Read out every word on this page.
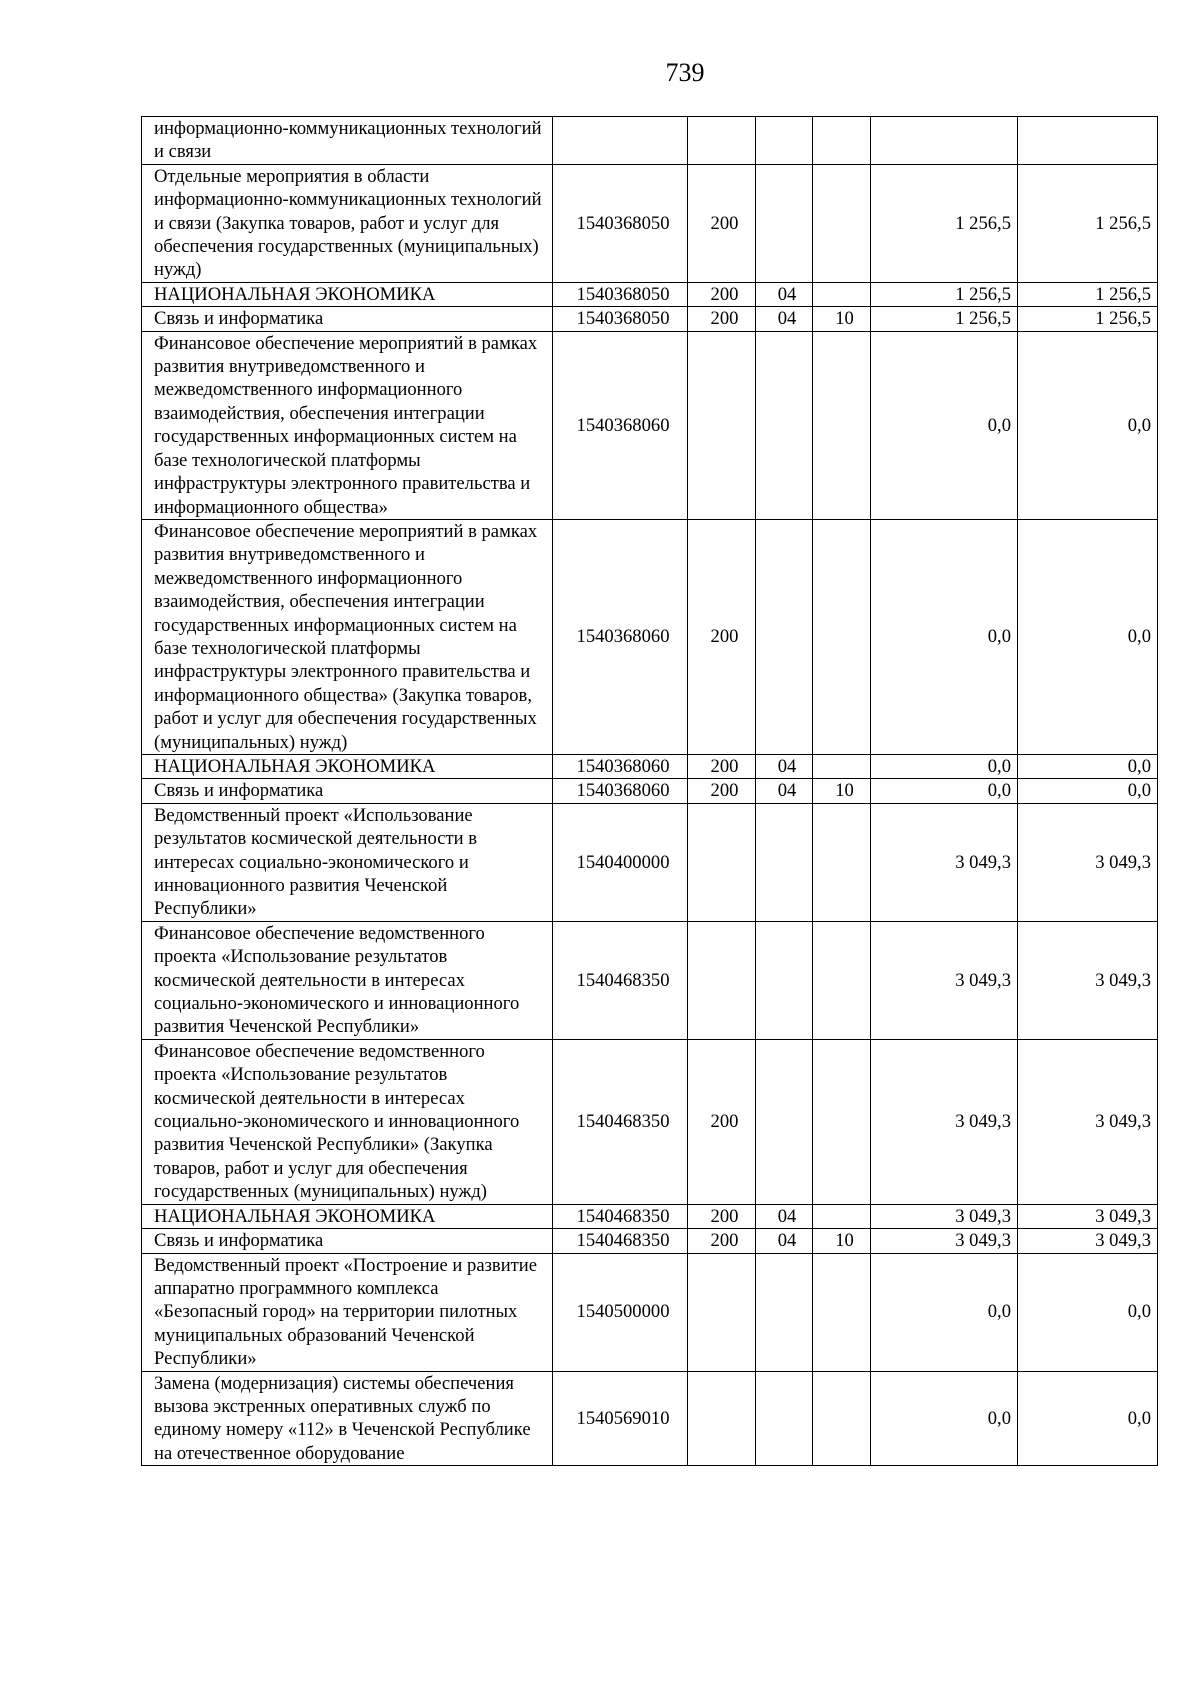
739
информационно-коммуникационных технологий и связи						
Отдельные мероприятия в области информационно-коммуникационных технологий и связи (Закупка товаров, работ и услуг для обеспечения государственных (муниципальных) нужд)	1540368050	200			1 256,5	1 256,5
НАЦИОНАЛЬНАЯ ЭКОНОМИКА	1540368050	200	04		1 256,5	1 256,5
Связь и информатика	1540368050	200	04	10	1 256,5	1 256,5
Финансовое обеспечение мероприятий в рамках развития внутриведомственного и межведомственного информационного взаимодействия, обеспечения интеграции государственных информационных систем на базе технологической платформы инфраструктуры электронного правительства и информационного общества»	1540368060				0,0	0,0
Финансовое обеспечение мероприятий в рамках развития внутриведомственного и межведомственного информационного взаимодействия, обеспечения интеграции государственных информационных систем на базе технологической платформы инфраструктуры электронного правительства и информационного общества» (Закупка товаров, работ и услуг для обеспечения государственных (муниципальных) нужд)	1540368060	200			0,0	0,0
НАЦИОНАЛЬНАЯ ЭКОНОМИКА	1540368060	200	04		0,0	0,0
Связь и информатика	1540368060	200	04	10	0,0	0,0
Ведомственный проект «Использование результатов космической деятельности в интересах социально-экономического и инновационного развития Чеченской Республики»	1540400000				3 049,3	3 049,3
Финансовое обеспечение ведомственного проекта «Использование результатов космической деятельности в интересах социально-экономического и инновационного развития Чеченской Республики»	1540468350				3 049,3	3 049,3
Финансовое обеспечение ведомственного проекта «Использование результатов космической деятельности в интересах социально-экономического и инновационного развития Чеченской Республики» (Закупка товаров, работ и услуг для обеспечения государственных (муниципальных) нужд)	1540468350	200			3 049,3	3 049,3
НАЦИОНАЛЬНАЯ ЭКОНОМИКА	1540468350	200	04		3 049,3	3 049,3
Связь и информатика	1540468350	200	04	10	3 049,3	3 049,3
Ведомственный проект «Построение и развитие аппаратно программного комплекса «Безопасный город» на территории пилотных муниципальных образований Чеченской Республики»	1540500000				0,0	0,0
Замена (модернизация) системы обеспечения вызова экстренных оперативных служб по единому номеру «112» в Чеченской Республике на отечественное оборудование	1540569010				0,0	0,0
